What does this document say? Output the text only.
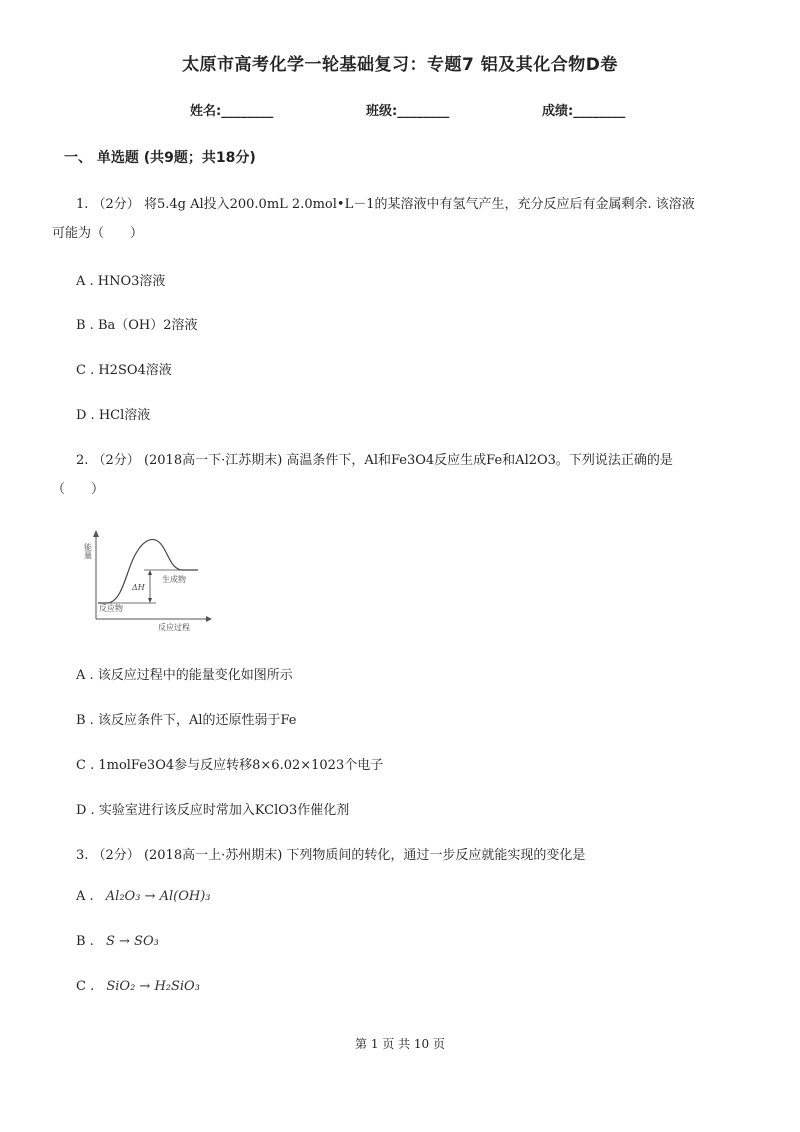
太原市高考化学一轮基础复习：专题7 铝及其化合物D卷
姓名:________	班级:________	成绩:________
一、 单选题 (共9题；共18分)
1. （2分） 将5.4g Al投入200.0mL 2.0mol•L－1的某溶液中有氢气产生，充分反应后有金属剩余. 该溶液
可能为（　　）
A . HNO3溶液
B . Ba（OH）2溶液
C . H2SO4溶液
D . HCl溶液
2. （2分） (2018高一下·江苏期末) 高温条件下，Al和Fe3O4反应生成Fe和Al2O3。下列说法正确的是
（　　）
能量
反应物
生成物
ΔH
反应过程
A . 该反应过程中的能量变化如图所示
B . 该反应条件下，Al的还原性弱于Fe
C . 1molFe3O4参与反应转移8×6.02×1023个电子
D . 实验室进行该反应时常加入KClO3作催化剂
3. （2分） (2018高一上·苏州期末) 下列物质间的转化，通过一步反应就能实现的变化是
A . Al₂O₃ → Al(OH)₃
B . S → SO₃
C . SiO₂ → H₂SiO₃
第 1 页 共 10 页
